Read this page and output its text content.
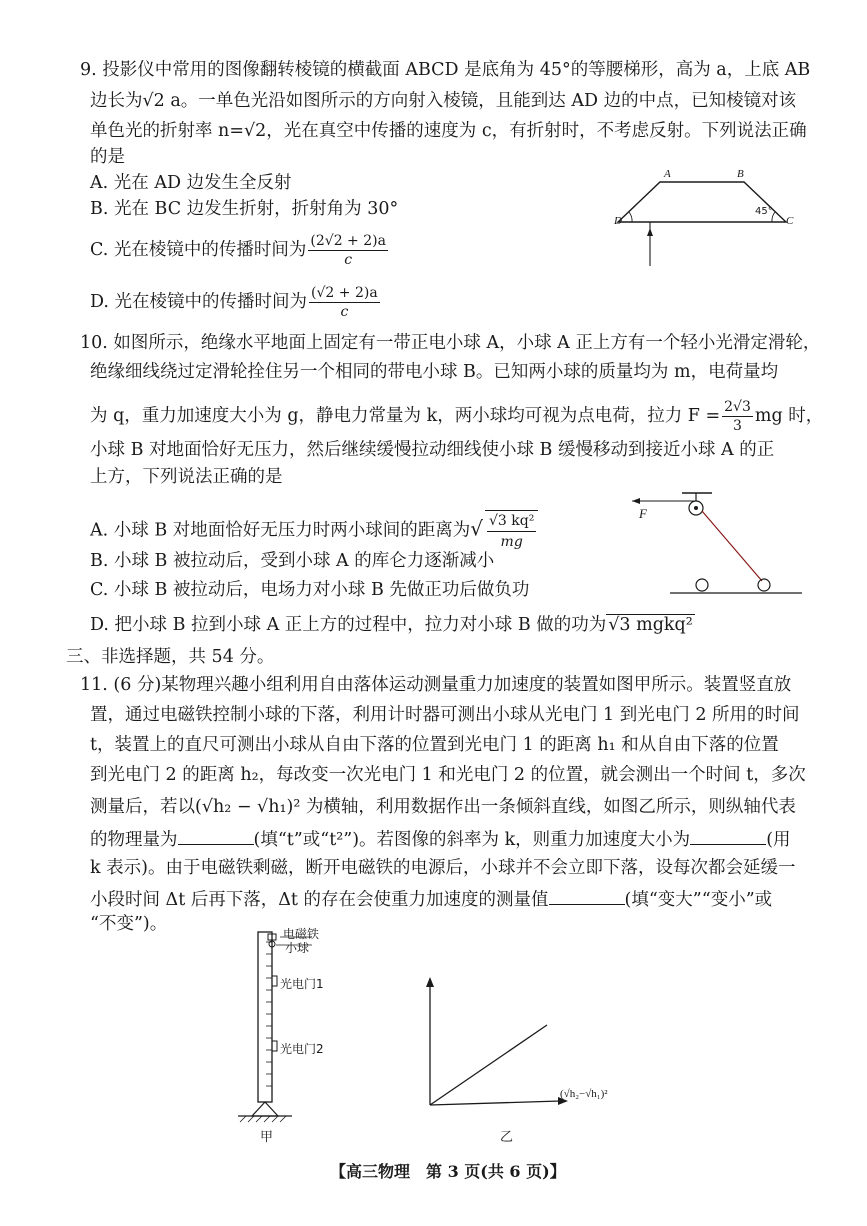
9. 投影仪中常用的图像翻转棱镜的横截面 ABCD 是底角为 45°的等腰梯形，高为 a，上底 AB
边长为√2 a。一单色光沿如图所示的方向射入棱镜，且能到达 AD 边的中点，已知棱镜对该
单色光的折射率 n=√2，光在真空中传播的速度为 c，有折射时，不考虑反射。下列说法正确
的是
A. 光在 AD 边发生全反射
B. 光在 BC 边发生折射，折射角为 30°
C. 光在棱镜中的传播时间为 $\frac{(2√2 + 2)a}{c}$
D. 光在棱镜中的传播时间为 $\frac{(√2 + 2)a}{c}$
A	B
C
D
45°
10. 如图所示，绝缘水平地面上固定有一带正电小球 A，小球 A 正上方有一个轻小光滑定滑轮，
绝缘细线绕过定滑轮拴住另一个相同的带电小球 B。已知两小球的质量均为 m，电荷量均
为 q，重力加速度大小为 g，静电力常量为 k，两小球均可视为点电荷，拉力 $F = \frac{2√3}{3}$ mg 时，
小球 B 对地面恰好无压力，然后继续缓慢拉动细线使小球 B 缓慢移动到接近小球 A 的正
上方，下列说法正确的是
A. 小球 B 对地面恰好无压力时两小球间的距离为√ $\frac{\text{√3 kq²}}{mg}$
B. 小球 B 被拉动后，受到小球 A 的库仑力逐渐减小
C. 小球 B 被拉动后，电场力对小球 B 先做正功后做负功
D. 把小球 B 拉到小球 A 正上方的过程中，拉力对小球 B 做的功为 √3 mgkq²
F
三、非选择题，共 54 分。
11. (6 分)某物理兴趣小组利用自由落体运动测量重力加速度的装置如图甲所示。装置竖直放
置，通过电磁铁控制小球的下落，利用计时器可测出小球从光电门 1 到光电门 2 所用的时间
t，装置上的直尺可测出小球从自由下落的位置到光电门 1 的距离 h₁ 和从自由下落的位置
到光电门 2 的距离 h₂，每改变一次光电门 1 和光电门 2 的位置，就会测出一个时间 t，多次
测量后，若以(√h₂ − √h₁)² 为横轴，利用数据作出一条倾斜直线，如图乙所示，则纵轴代表
的物理量为	(填“t”或“t²”)。若图像的斜率为 k，则重力加速度大小为	(用
k 表示)。由于电磁铁剩磁，断开电磁铁的电源后，小球并不会立即下落，设每次都会延缓一
小段时间 Δt 后再下落，Δt 的存在会使重力加速度的测量值	(填“变大”“变小”或
“不变”)。	电磁铁
小球
光电门1
光电门2
甲
(√h₂−√h₁)²
乙
【高三物理　第 3 页(共 6 页)】
